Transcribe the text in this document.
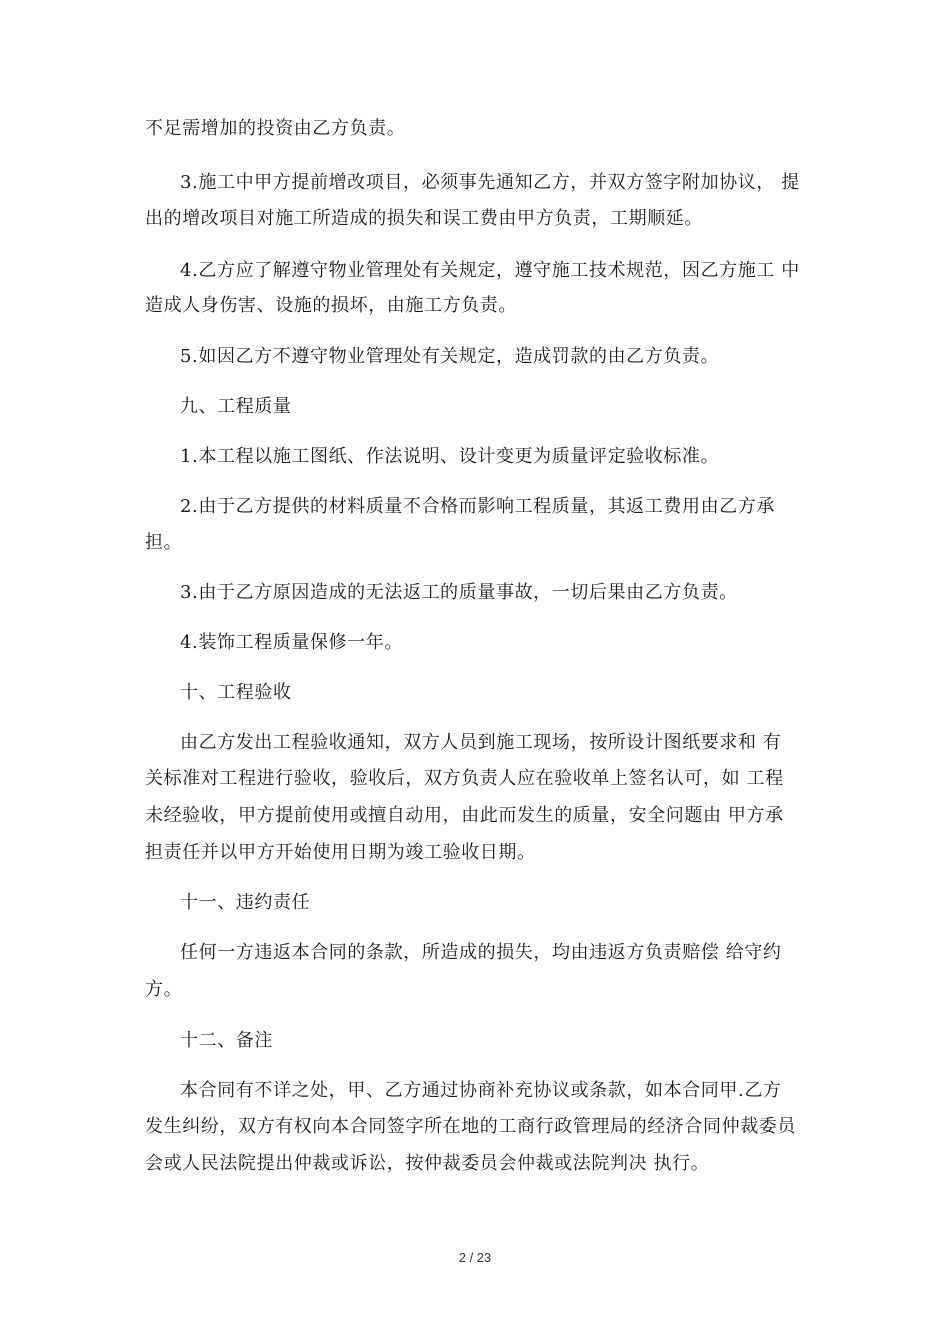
不足需增加的投资由乙方负责。
3.施工中甲方提前增改项目，必须事先通知乙方，并双方签字附加协议， 提
出的增改项目对施工所造成的损失和误工费由甲方负责，工期顺延。
4.乙方应了解遵守物业管理处有关规定，遵守施工技术规范，因乙方施工 中
造成人身伤害、设施的损坏，由施工方负责。
5.如因乙方不遵守物业管理处有关规定，造成罚款的由乙方负责。
九、工程质量
1.本工程以施工图纸、作法说明、设计变更为质量评定验收标准。
2.由于乙方提供的材料质量不合格而影响工程质量，其返工费用由乙方承
担。
3.由于乙方原因造成的无法返工的质量事故，一切后果由乙方负责。
4.装饰工程质量保修一年。
十、工程验收
由乙方发出工程验收通知，双方人员到施工现场，按所设计图纸要求和 有
关标准对工程进行验收，验收后，双方负责人应在验收单上签名认可，如 工程
未经验收，甲方提前使用或擅自动用，由此而发生的质量，安全问题由 甲方承
担责任并以甲方开始使用日期为竣工验收日期。
十一、违约责任
任何一方违返本合同的条款，所造成的损失，均由违返方负责赔偿 给守约
方。
十二、备注
本合同有不详之处，甲、乙方通过协商补充协议或条款，如本合同甲.乙方
发生纠纷，双方有权向本合同签字所在地的工商行政管理局的经济合同仲裁委员
会或人民法院提出仲裁或诉讼，按仲裁委员会仲裁或法院判决 执行。
2 / 23
